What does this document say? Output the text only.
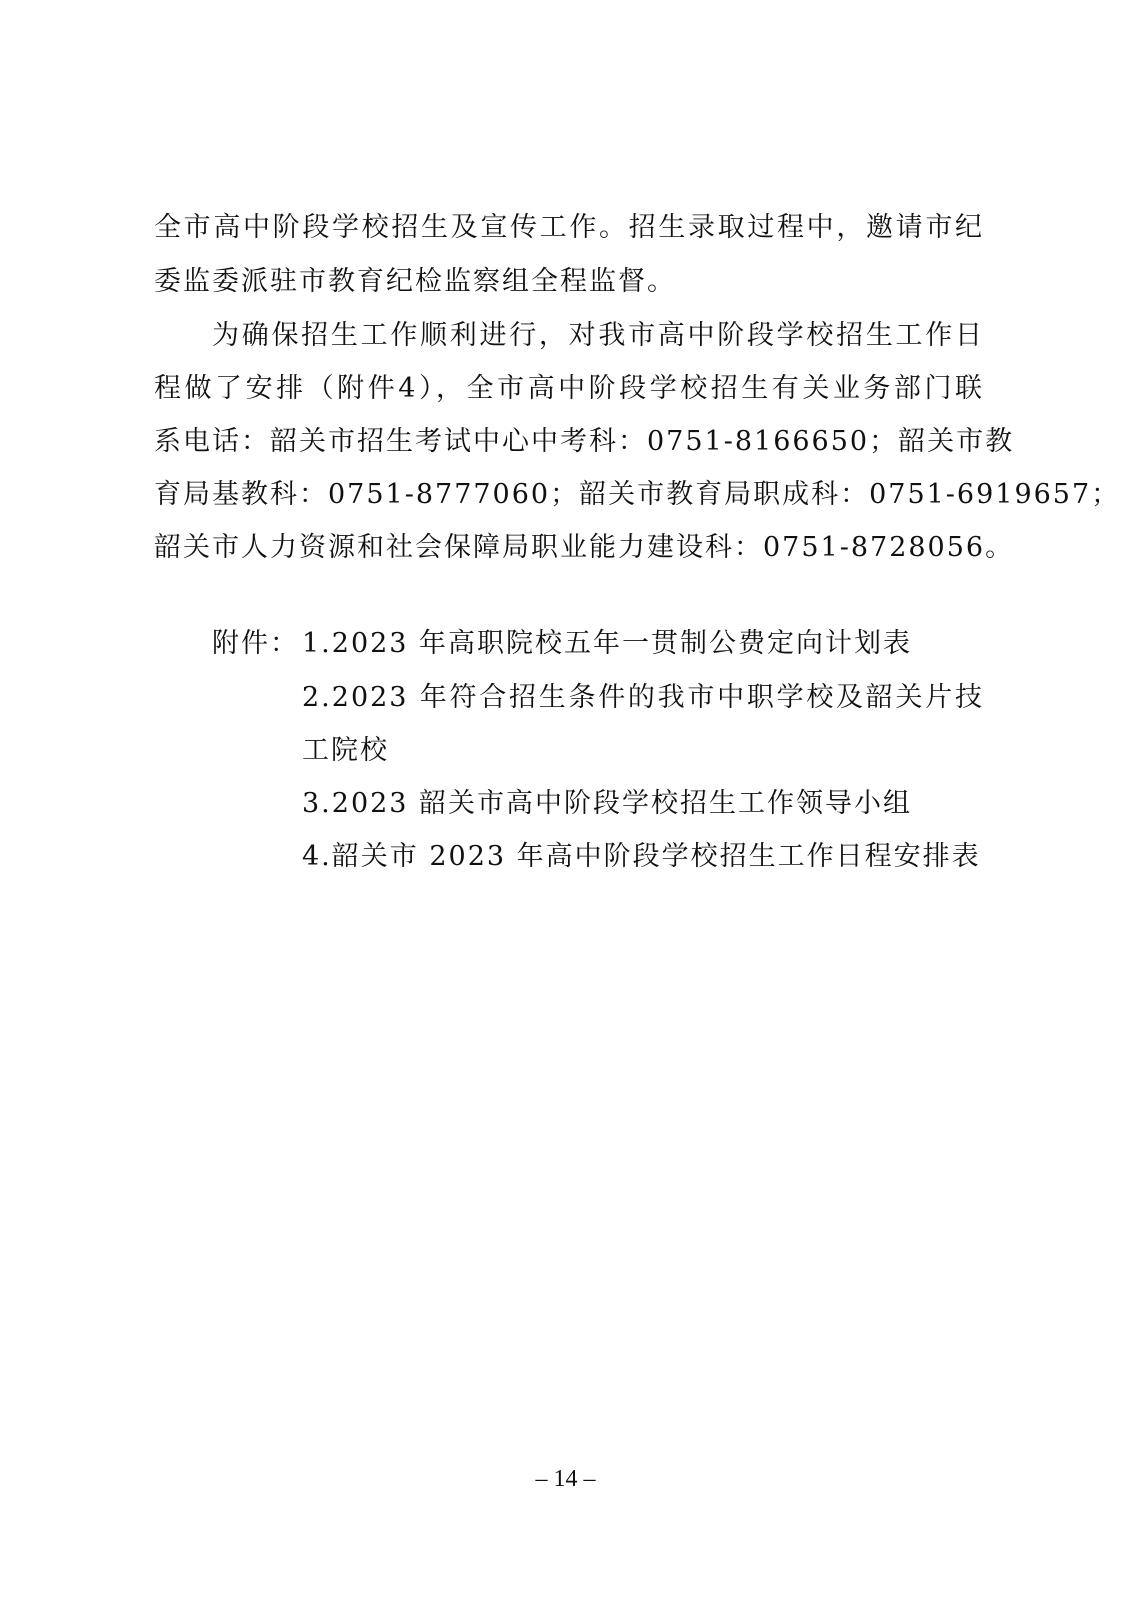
全市高中阶段学校招生及宣传工作。招生录取过程中，邀请市纪
委监委派驻市教育纪检监察组全程监督。
为确保招生工作顺利进行，对我市高中阶段学校招生工作日
程做了安排（附件4），全市高中阶段学校招生有关业务部门联
系电话：韶关市招生考试中心中考科：0751-8166650；韶关市教
育局基教科：0751-8777060；韶关市教育局职成科：0751-6919657；
韶关市人力资源和社会保障局职业能力建设科：0751-8728056。
附件： 1.2023 年高职院校五年一贯制公费定向计划表
2.2023 年符合招生条件的我市中职学校及韶关片技
工院校
3.2023 韶关市高中阶段学校招生工作领导小组
4.韶关市 2023 年高中阶段学校招生工作日程安排表
– 14 –
